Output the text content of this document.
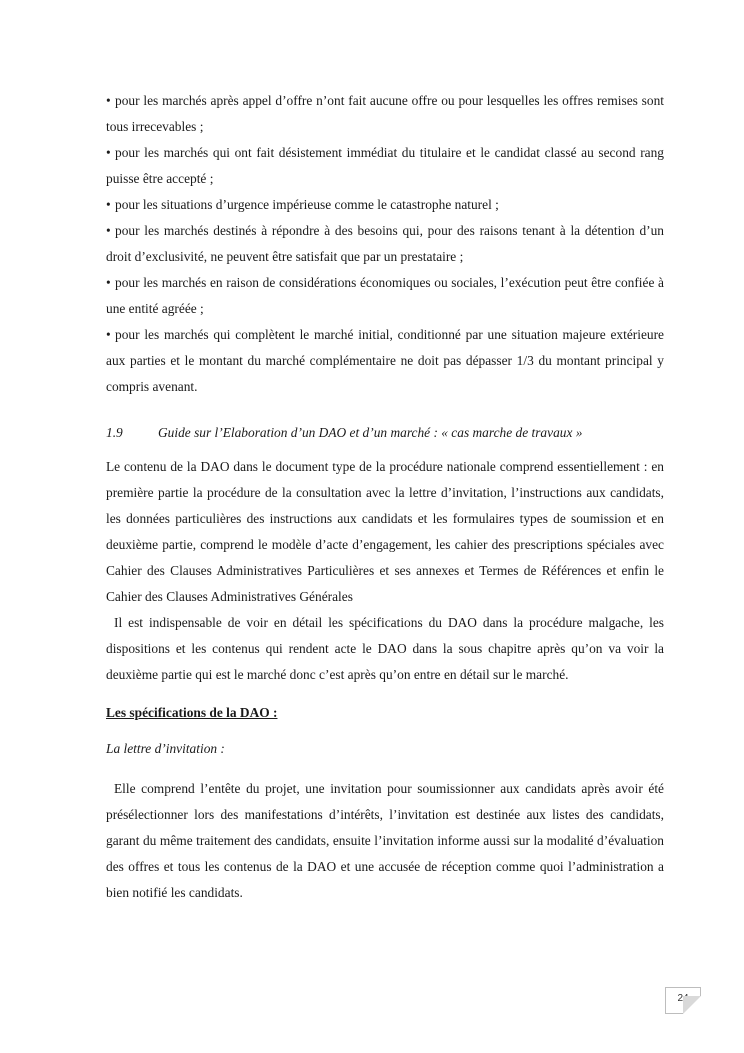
• pour les marchés après appel d’offre n’ont fait aucune offre ou pour lesquelles les offres remises sont tous irrecevables ;

• pour les marchés qui ont fait désistement immédiat du titulaire et le candidat classé au second rang puisse être accepté ;

• pour les situations d’urgence impérieuse comme le catastrophe naturel ;

• pour les marchés destinés à répondre à des besoins qui, pour des raisons tenant à la détention d’un droit d’exclusivité, ne peuvent être satisfait que par un prestataire ;

• pour les marchés en raison de considérations économiques ou sociales, l’exécution peut être confiée à une entité agréée ;

• pour les marchés qui complètent le marché initial, conditionné par une situation majeure extérieure aux parties et le montant du marché complémentaire ne doit pas dépasser 1/3 du montant principal y compris avenant.

1.9	Guide sur l’Elaboration d’un DAO et d’un marché : « cas marche de travaux »

Le contenu de la DAO dans le document type de la procédure nationale comprend essentiellement : en première partie la procédure de la consultation avec la lettre d’invitation, l’instructions aux candidats, les données particulières des instructions aux candidats et les formulaires types de soumission et en deuxième partie, comprend le modèle d’acte d’engagement, les cahier des prescriptions spéciales avec Cahier des Clauses Administratives Particulières et ses annexes et Termes de Références et enfin le Cahier des Clauses Administratives Générales

Il est indispensable de voir en détail les spécifications du DAO dans la procédure malgache, les dispositions et les contenus qui rendent acte le DAO dans la sous chapitre après qu’on va voir la deuxième partie qui est le marché donc c’est après qu’on entre en détail sur le marché.

Les spécifications de la DAO :

La lettre d’invitation :

Elle comprend l’entête du projet, une invitation pour soumissionner aux candidats après avoir été présélectionner lors des manifestations d’intérêts, l’invitation est destinée aux listes des candidats, garant du même traitement des candidats, ensuite l’invitation informe aussi sur la modalité d’évaluation des offres et tous les contenus de la DAO et une accusée de réception comme quoi l’administration a bien notifié les candidats.

24
